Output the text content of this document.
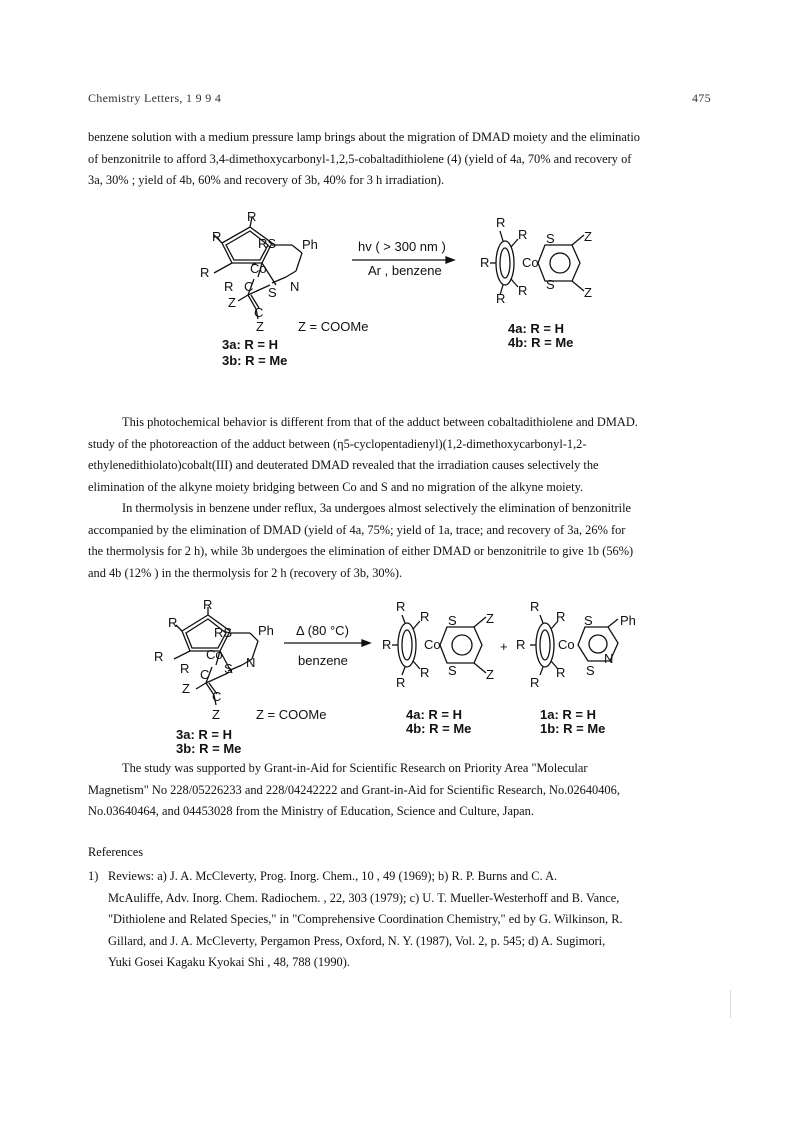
Chemistry Letters, 1 9 9 4	475
benzene solution with a medium pressure lamp brings about the migration of DMAD moiety and the eliminatio
of benzonitrile to afford 3,4-dimethoxycarbonyl-1,2,5-cobaltadithiolene (4) (yield of 4a, 70% and recovery of
3a, 30% ; yield of 4b, 60% and recovery of 3b, 40% for 3 h irradiation).
R
R	RS Ph
R	Co
N
R C S
Z
C
Z	Z = COOMe
3a: R = H
3b: R = Me
hv ( > 300 nm )
Ar , benzene
R
R S Z
R	Co
S
Z
R
R
4a: R = H
4b: R = Me
This photochemical behavior is different from that of the adduct between cobaltadithiolene and DMAD.
study of the photoreaction of the adduct between (η5-cyclopentadienyl)(1,2-dimethoxycarbonyl-1,2-
ethylenedithiolato)cobalt(III) and deuterated DMAD revealed that the irradiation causes selectively the
elimination of the alkyne moiety bridging between Co and S and no migration of the alkyne moiety.
In thermolysis in benzene under reflux, 3a undergoes almost selectively the elimination of benzonitrile
accompanied by the elimination of DMAD (yield of 4a, 75%; yield of 1a, trace; and recovery of 3a, 26% for
the thermolysis for 2 h), while 3b undergoes the elimination of either DMAD or benzonitrile to give 1b (56%)
and 4b (12% ) in the thermolysis for 2 h (recovery of 3b, 30%).
R
R
RS Ph
R	Co
N
R C S
Z
C
Z	Z = COOMe
3a: R = H
3b: R = Me
Δ (80 °C)
benzene
R
R S Z
R	Co
S Z
R
R
+
R
R S Ph
R	Co
S
N
R
R
4a: R = H
4b: R = Me
1a: R = H
1b: R = Me
The study was supported by Grant-in-Aid for Scientific Research on Priority Area "Molecular
Magnetism" No 228/05226233 and 228/04242222 and Grant-in-Aid for Scientific Research, No.02640406,
No.03640464, and 04453028 from the Ministry of Education, Science and Culture, Japan.
References
1) Reviews: a) J. A. McCleverty, Prog. Inorg. Chem., 10 , 49 (1969); b) R. P. Burns and C. A.
McAuliffe, Adv. Inorg. Chem. Radiochem. , 22, 303 (1979); c) U. T. Mueller-Westerhoff and B. Vance,
"Dithiolene and Related Species," in "Comprehensive Coordination Chemistry," ed by G. Wilkinson, R.
Gillard, and J. A. McCleverty, Pergamon Press, Oxford, N. Y. (1987), Vol. 2, p. 545; d) A. Sugimori,
Yuki Gosei Kagaku Kyokai Shi , 48, 788 (1990).
